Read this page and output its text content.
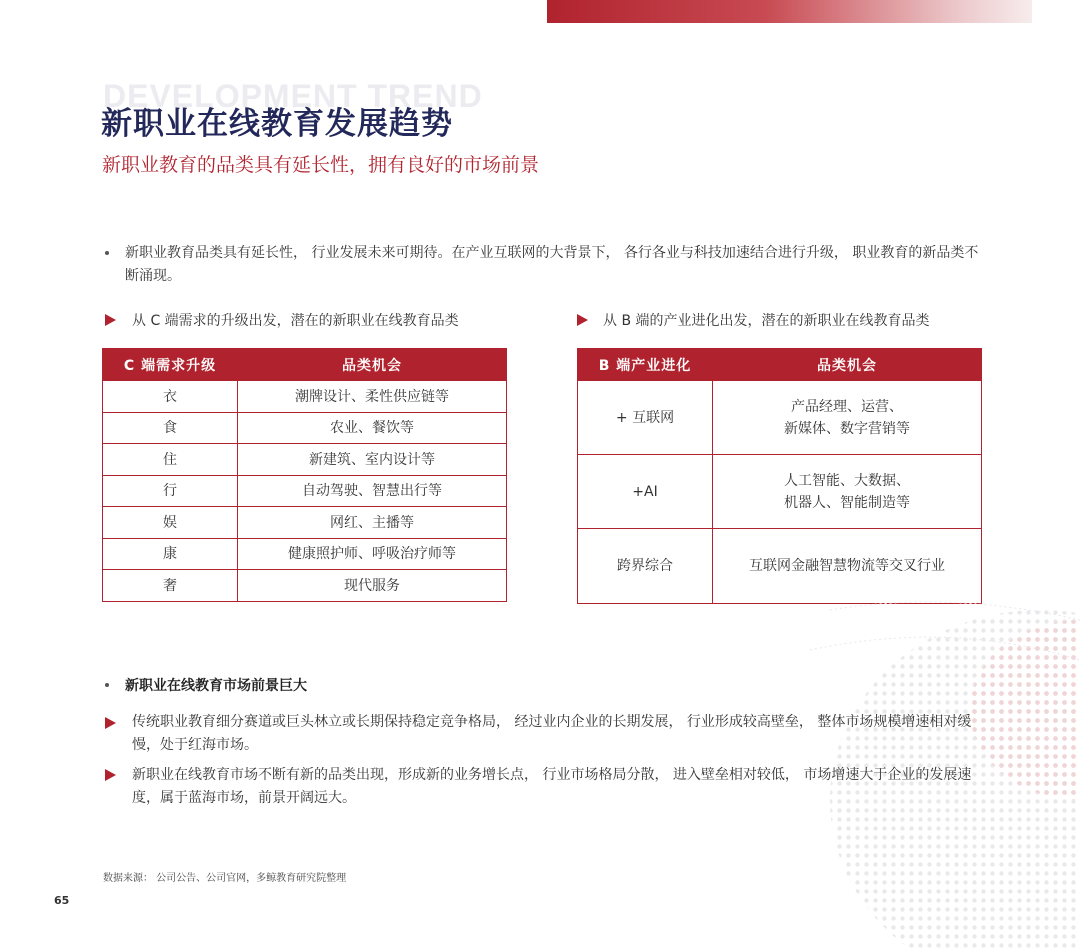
DEVELOPMENT TREND
新职业在线教育发展趋势
新职业教育的品类具有延长性，拥有良好的市场前景
新职业教育品类具有延长性， 行业发展未来可期待。在产业互联网的大背景下， 各行各业与科技加速结合进行升级， 职业教育的新品类不断涌现。
从 C 端需求的升级出发，潜在的新职业在线教育品类	从 B 端的产业进化出发，潜在的新职业在线教育品类
C 端需求升级	品类机会
衣	潮牌设计、柔性供应链等
食	农业、餐饮等
住	新建筑、室内设计等
行	自动驾驶、智慧出行等
娱	网红、主播等
康	健康照护师、呼吸治疗师等
奢	现代服务
B 端产业进化	品类机会
+ 互联网	产品经理、运营、
新媒体、数字营销等
+AI	人工智能、大数据、
机器人、智能制造等
跨界综合	互联网金融智慧物流等交叉行业
新职业在线教育市场前景巨大
传统职业教育细分赛道或巨头林立或长期保持稳定竞争格局， 经过业内企业的长期发展， 行业形成较高壁垒， 整体市场规模增速相对缓慢，处于红海市场。
新职业在线教育市场不断有新的品类出现，形成新的业务增长点， 行业市场格局分散， 进入壁垒相对较低， 市场增速大于企业的发展速度，属于蓝海市场，前景开阔远大。
数据来源： 公司公告、公司官网，多鲸教育研究院整理
65
